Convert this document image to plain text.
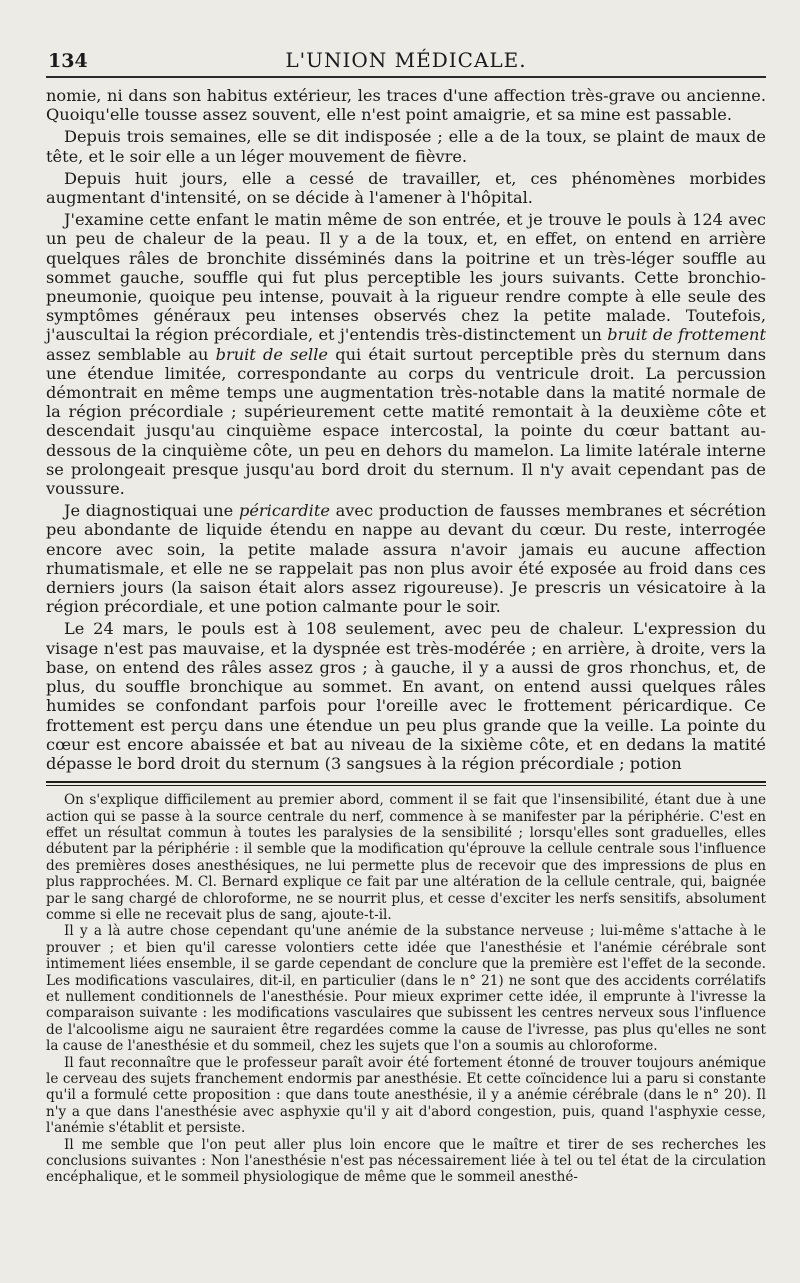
134	L'UNION MÉDICALE.

nomie, ni dans son habitus extérieur, les traces d'une affection très-grave ou ancienne. Quoiqu'elle tousse assez souvent, elle n'est point amaigrie, et sa mine est passable.

Depuis trois semaines, elle se dit indisposée ; elle a de la toux, se plaint de maux de tête, et le soir elle a un léger mouvement de fièvre.

Depuis huit jours, elle a cessé de travailler, et, ces phénomènes morbides augmentant d'intensité, on se décide à l'amener à l'hôpital.

J'examine cette enfant le matin même de son entrée, et je trouve le pouls à 124 avec un peu de chaleur de la peau. Il y a de la toux, et, en effet, on entend en arrière quelques râles de bronchite disséminés dans la poitrine et un très-léger souffle au sommet gauche, souffle qui fut plus perceptible les jours suivants. Cette bronchio-pneumonie, quoique peu intense, pouvait à la rigueur rendre compte à elle seule des symptômes généraux peu intenses observés chez la petite malade. Toutefois, j'auscultai la région précordiale, et j'entendis très-distinctement un bruit de frottement assez semblable au bruit de selle qui était surtout perceptible près du sternum dans une étendue limitée, correspondante au corps du ventricule droit. La percussion démontrait en même temps une augmentation très-notable dans la matité normale de la région précordiale ; supérieurement cette matité remontait à la deuxième côte et descendait jusqu'au cinquième espace intercostal, la pointe du cœur battant au-dessous de la cinquième côte, un peu en dehors du mamelon. La limite latérale interne se prolongeait presque jusqu'au bord droit du sternum. Il n'y avait cependant pas de voussure.

Je diagnostiquai une péricardite avec production de fausses membranes et sécrétion peu abondante de liquide étendu en nappe au devant du cœur. Du reste, interrogée encore avec soin, la petite malade assura n'avoir jamais eu aucune affection rhumatismale, et elle ne se rappelait pas non plus avoir été exposée au froid dans ces derniers jours (la saison était alors assez rigoureuse). Je prescris un vésicatoire à la région précordiale, et une potion calmante pour le soir.

Le 24 mars, le pouls est à 108 seulement, avec peu de chaleur. L'expression du visage n'est pas mauvaise, et la dyspnée est très-modérée ; en arrière, à droite, vers la base, on entend des râles assez gros ; à gauche, il y a aussi de gros rhonchus, et, de plus, du souffle bronchique au sommet. En avant, on entend aussi quelques râles humides se confondant parfois pour l'oreille avec le frottement péricardique. Ce frottement est perçu dans une étendue un peu plus grande que la veille. La pointe du cœur est encore abaissée et bat au niveau de la sixième côte, et en dedans la matité dépasse le bord droit du sternum (3 sangsues à la région précordiale ; potion

On s'explique difficilement au premier abord, comment il se fait que l'insensibilité, étant due à une action qui se passe à la source centrale du nerf, commence à se manifester par la périphérie. C'est en effet un résultat commun à toutes les paralysies de la sensibilité ; lorsqu'elles sont graduelles, elles débutent par la périphérie : il semble que la modification qu'éprouve la cellule centrale sous l'influence des premières doses anesthésiques, ne lui permette plus de recevoir que des impressions de plus en plus rapprochées. M. Cl. Bernard explique ce fait par une altération de la cellule centrale, qui, baignée par le sang chargé de chloroforme, ne se nourrit plus, et cesse d'exciter les nerfs sensitifs, absolument comme si elle ne recevait plus de sang, ajoute-t-il.

Il y a là autre chose cependant qu'une anémie de la substance nerveuse ; lui-même s'attache à le prouver ; et bien qu'il caresse volontiers cette idée que l'anesthésie et l'anémie cérébrale sont intimement liées ensemble, il se garde cependant de conclure que la première est l'effet de la seconde. Les modifications vasculaires, dit-il, en particulier (dans le n° 21) ne sont que des accidents corrélatifs et nullement conditionnels de l'anesthésie. Pour mieux exprimer cette idée, il emprunte à l'ivresse la comparaison suivante : les modifications vasculaires que subissent les centres nerveux sous l'influence de l'alcoolisme aigu ne sauraient être regardées comme la cause de l'ivresse, pas plus qu'elles ne sont la cause de l'anesthésie et du sommeil, chez les sujets que l'on a soumis au chloroforme.

Il faut reconnaître que le professeur paraît avoir été fortement étonné de trouver toujours anémique le cerveau des sujets franchement endormis par anesthésie. Et cette coïncidence lui a paru si constante qu'il a formulé cette proposition : que dans toute anesthésie, il y a anémie cérébrale (dans le n° 20). Il n'y a que dans l'anesthésie avec asphyxie qu'il y ait d'abord congestion, puis, quand l'asphyxie cesse, l'anémie s'établit et persiste.

Il me semble que l'on peut aller plus loin encore que le maître et tirer de ses recherches les conclusions suivantes : Non l'anesthésie n'est pas nécessairement liée à tel ou tel état de la circulation encéphalique, et le sommeil physiologique de même que le sommeil anesthé-
